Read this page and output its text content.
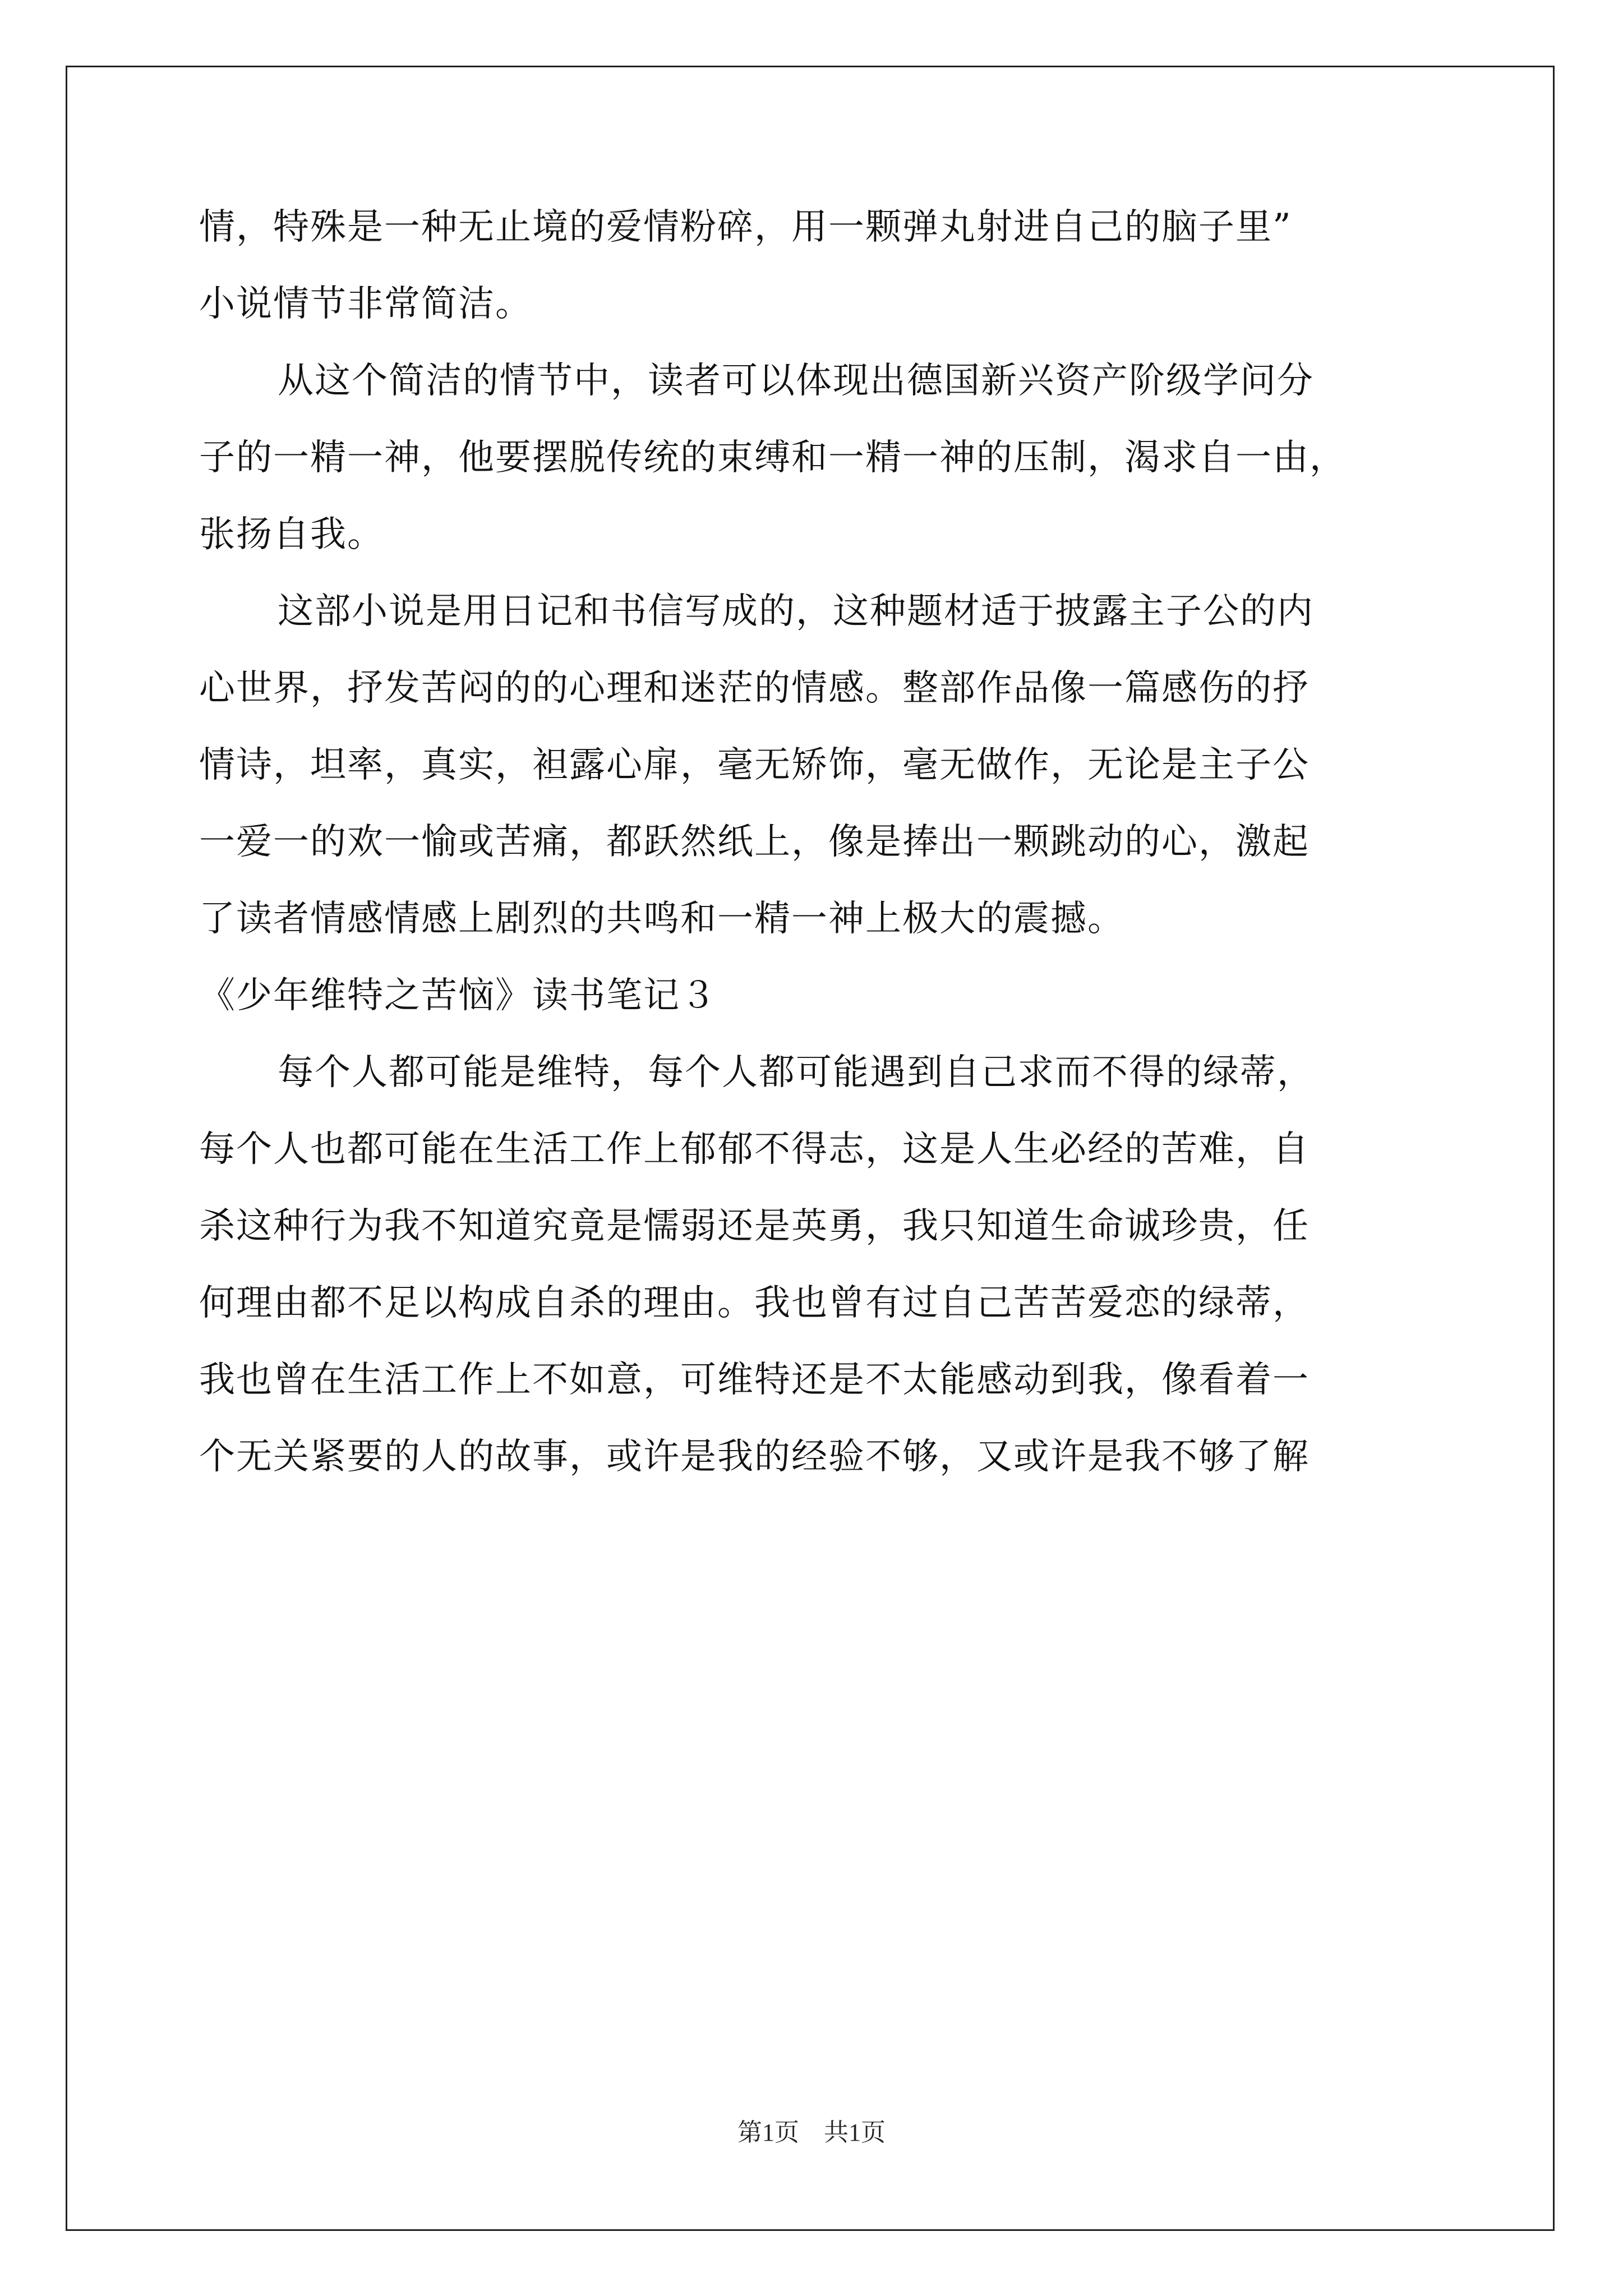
情，特殊是一种无止境的爱情粉碎，用一颗弹丸射进自己的脑子里”
小说情节非常简洁。
从这个简洁的情节中，读者可以体现出德国新兴资产阶级学问分
子的一精一神，他要摆脱传统的束缚和一精一神的压制，渴求自一由，
张扬自我。
这部小说是用日记和书信写成的，这种题材适于披露主子公的内
心世界，抒发苦闷的的心理和迷茫的情感。整部作品像一篇感伤的抒
情诗，坦率，真实，袒露心扉，毫无矫饰，毫无做作，无论是主子公
一爱一的欢一愉或苦痛，都跃然纸上，像是捧出一颗跳动的心，激起
了读者情感情感上剧烈的共鸣和一精一神上极大的震撼。
《少年维特之苦恼》读书笔记３
每个人都可能是维特，每个人都可能遇到自己求而不得的绿蒂，
每个人也都可能在生活工作上郁郁不得志，这是人生必经的苦难，自
杀这种行为我不知道究竟是懦弱还是英勇，我只知道生命诚珍贵，任
何理由都不足以构成自杀的理由。我也曾有过自己苦苦爱恋的绿蒂，
我也曾在生活工作上不如意，可维特还是不太能感动到我，像看着一
个无关紧要的人的故事，或许是我的经验不够，又或许是我不够了解
第1页　共1页
